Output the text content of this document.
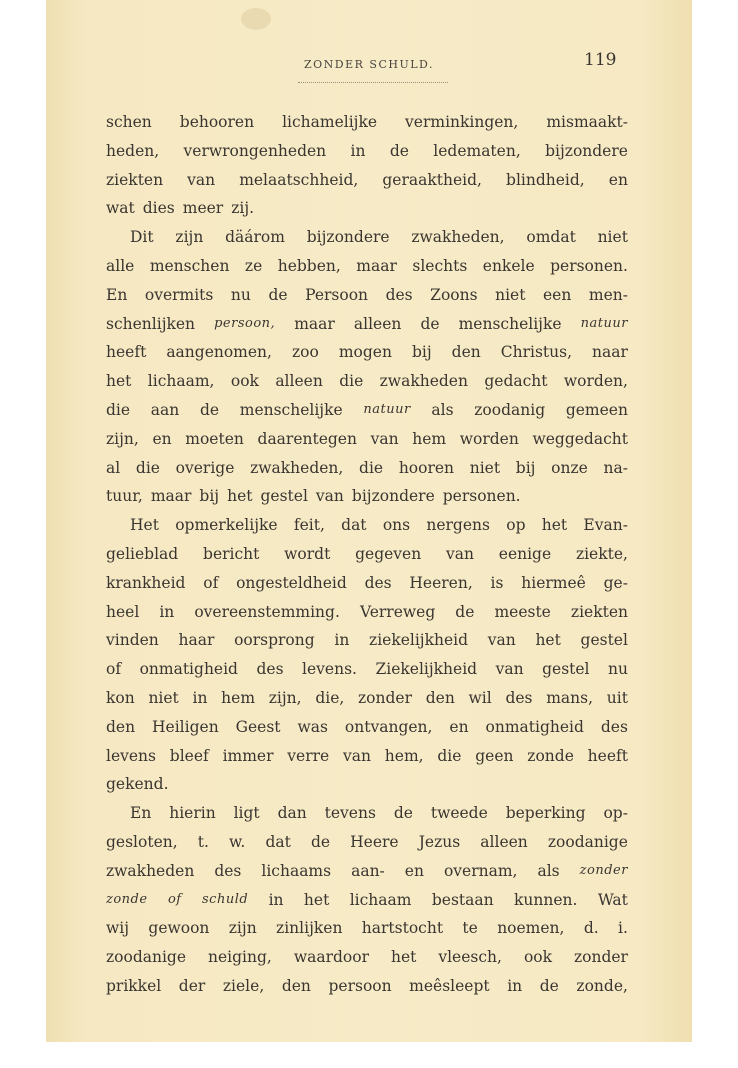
ZONDER SCHULD.	119
schen behooren lichamelijke verminkingen, mismaakt-
heden, verwrongenheden in de ledematen, bijzondere
ziekten van melaatschheid, geraaktheid, blindheid, en
wat dies meer zij.
Dit zijn däárom bijzondere zwakheden, omdat niet
alle menschen ze hebben, maar slechts enkele personen.
En overmits nu de Persoon des Zoons niet een men-
schenlijken persoon, maar alleen de menschelijke natuur
heeft aangenomen, zoo mogen bij den Christus, naar
het lichaam, ook alleen die zwakheden gedacht worden,
die aan de menschelijke natuur als zoodanig gemeen
zijn, en moeten daarentegen van hem worden weggedacht
al die overige zwakheden, die hooren niet bij onze na-
tuur, maar bij het gestel van bijzondere personen.
Het opmerkelijke feit, dat ons nergens op het Evan-
gelieblad bericht wordt gegeven van eenige ziekte,
krankheid of ongesteldheid des Heeren, is hiermeê ge-
heel in overeenstemming. Verreweg de meeste ziekten
vinden haar oorsprong in ziekelijkheid van het gestel
of onmatigheid des levens. Ziekelijkheid van gestel nu
kon niet in hem zijn, die, zonder den wil des mans, uit
den Heiligen Geest was ontvangen, en onmatigheid des
levens bleef immer verre van hem, die geen zonde heeft
gekend.
En hierin ligt dan tevens de tweede beperking op-
gesloten, t. w. dat de Heere Jezus alleen zoodanige
zwakheden des lichaams aan- en overnam, als zonder
zonde of schuld in het lichaam bestaan kunnen. Wat
wij gewoon zijn zinlijken hartstocht te noemen, d. i.
zoodanige neiging, waardoor het vleesch, ook zonder
prikkel der ziele, den persoon meêsleept in de zonde,
